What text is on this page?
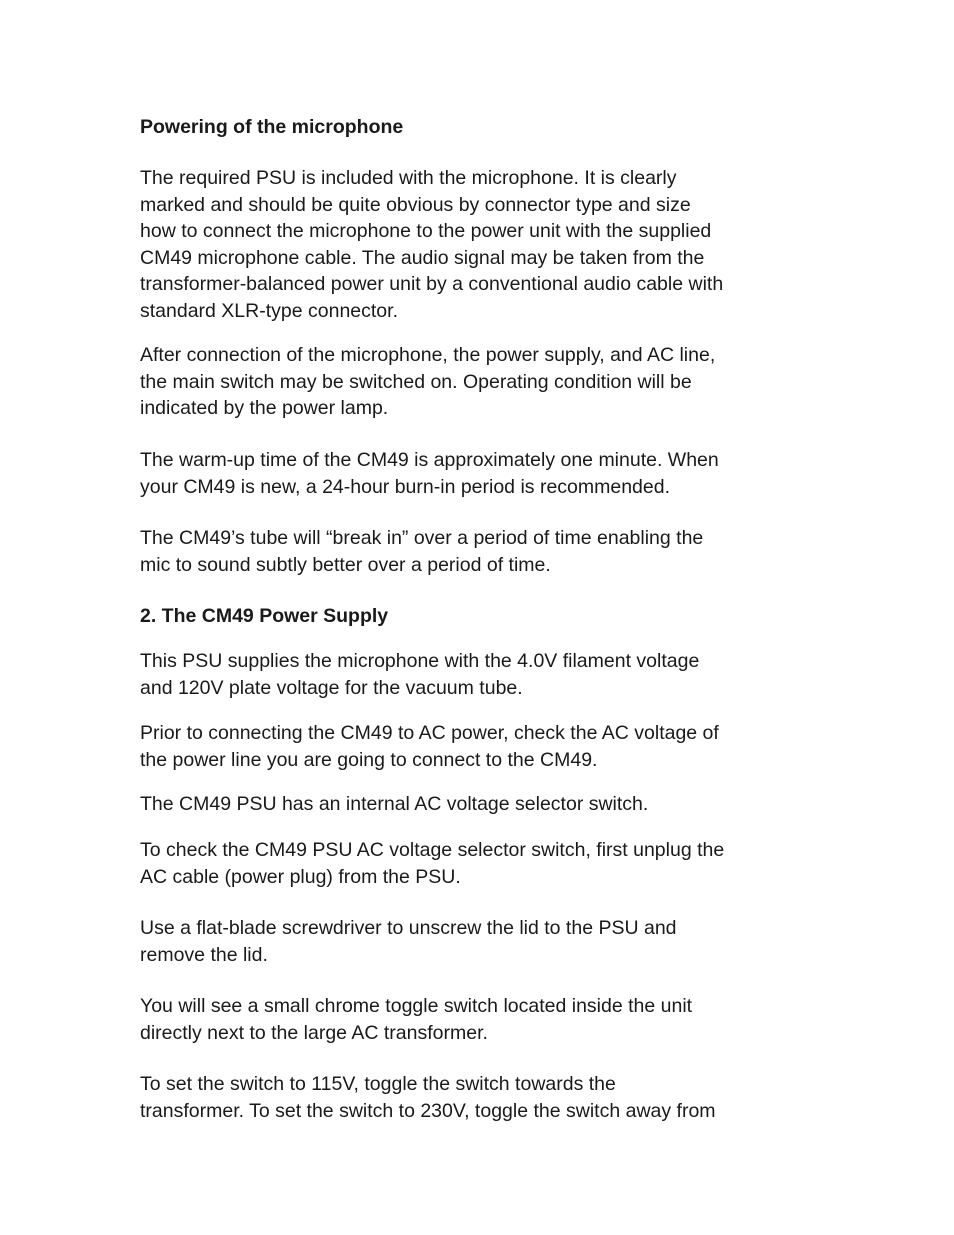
Powering of the microphone

The required PSU is included with the microphone. It is clearly
marked and should be quite obvious by connector type and size
how to connect the microphone to the power unit with the supplied
CM49 microphone cable. The audio signal may be taken from the
transformer-balanced power unit by a conventional audio cable with
standard XLR-type connector.

After connection of the microphone, the power supply, and AC line,
the main switch may be switched on. Operating condition will be
indicated by the power lamp.

The warm-up time of the CM49 is approximately one minute. When
your CM49 is new, a 24-hour burn-in period is recommended.

The CM49’s tube will “break in” over a period of time enabling the
mic to sound subtly better over a period of time.

2. The CM49 Power Supply

This PSU supplies the microphone with the 4.0V filament voltage
and 120V plate voltage for the vacuum tube.

Prior to connecting the CM49 to AC power, check the AC voltage of
the power line you are going to connect to the CM49.

The CM49 PSU has an internal AC voltage selector switch.

To check the CM49 PSU AC voltage selector switch, first unplug the
AC cable (power plug) from the PSU.

Use a flat-blade screwdriver to unscrew the lid to the PSU and
remove the lid.

You will see a small chrome toggle switch located inside the unit
directly next to the large AC transformer.

To set the switch to 115V, toggle the switch towards the
transformer. To set the switch to 230V, toggle the switch away from
